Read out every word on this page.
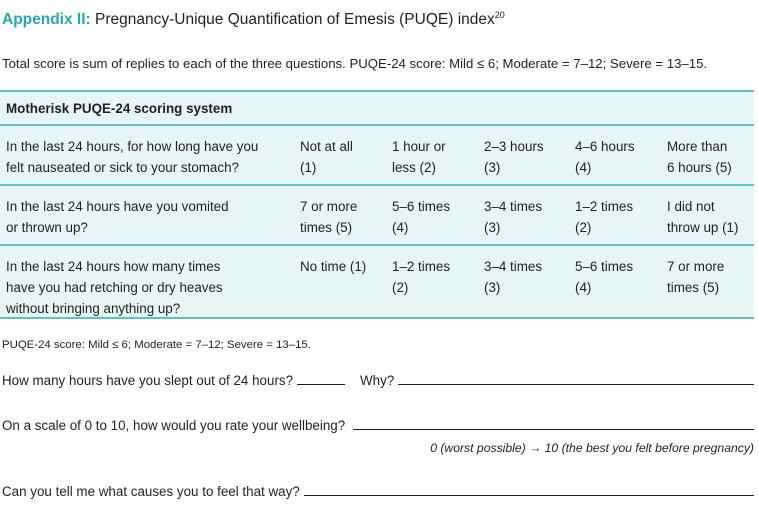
Appendix II: Pregnancy-Unique Quantification of Emesis (PUQE) index$^{20}$
Total score is sum of replies to each of the three questions. PUQE-24 score: Mild ≤ 6; Moderate = 7–12; Severe = 13–15.
Motherisk PUQE-24 scoring system
In the last 24 hours, for how long have you
felt nauseated or sick to your stomach?
Not at all
(1)
1 hour or
less (2)
2–3 hours
(3)
4–6 hours
(4)
More than
6 hours (5)
In the last 24 hours have you vomited
or thrown up?
7 or more
times (5)
5–6 times
(4)
3–4 times
(3)
1–2 times
(2)
I did not
throw up (1)
In the last 24 hours how many times
have you had retching or dry heaves
without bringing anything up?
No time (1)	1–2 times
(2)
3–4 times
(3)
5–6 times
(4)
7 or more
times (5)
PUQE-24 score: Mild ≤ 6; Moderate = 7–12; Severe = 13–15.
How many hours have you slept out of 24 hours?	Why?
On a scale of 0 to 10, how would you rate your wellbeing?
0 (worst possible) → 10 (the best you felt before pregnancy)
Can you tell me what causes you to feel that way?
